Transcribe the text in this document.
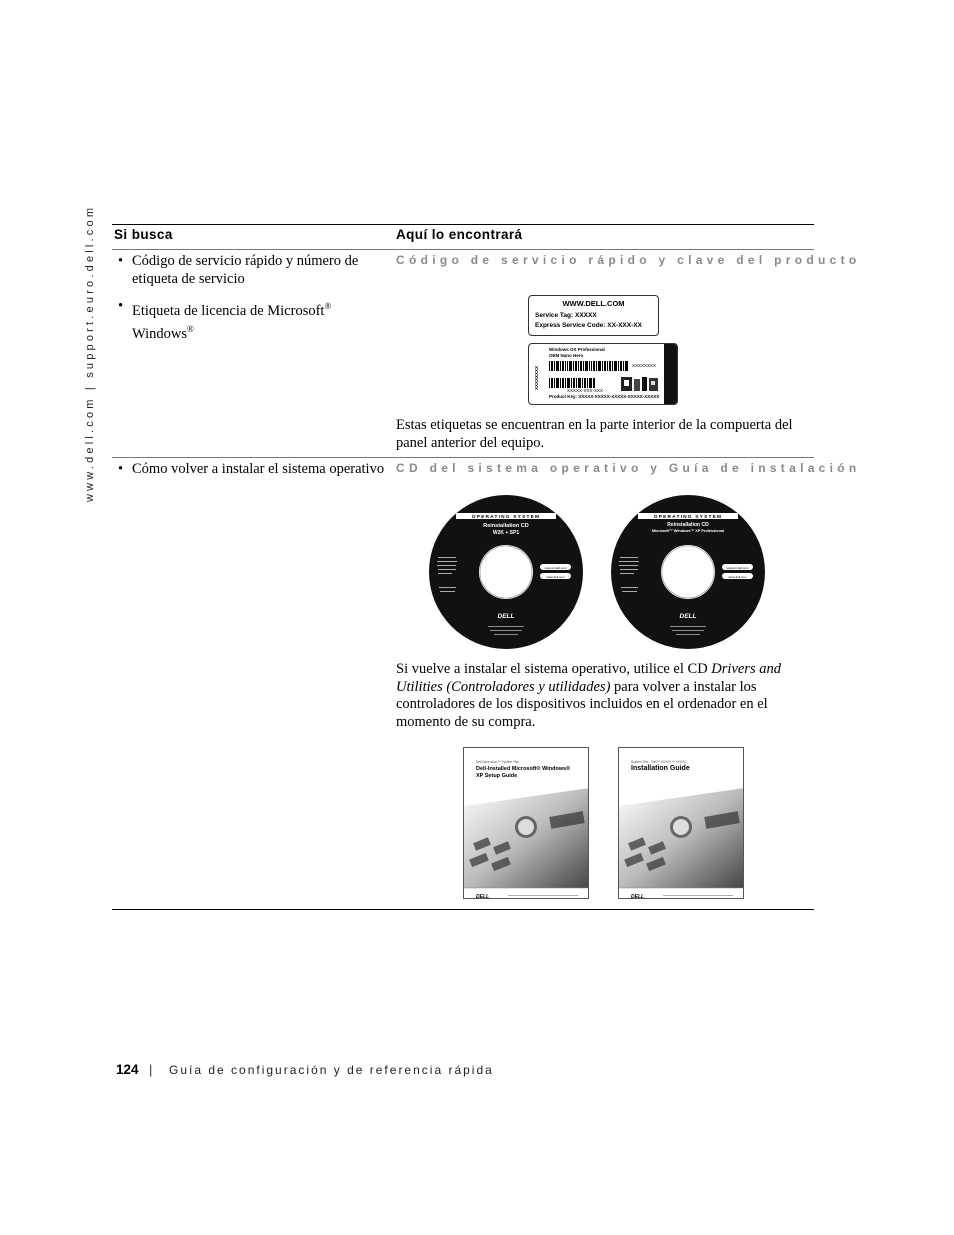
www.dell.com | support.euro.dell.com Si busca	Aquí lo encontrará
• Código de servicio rápido y número de etiqueta de servicio
• Etiqueta de licencia de Microsoft® Windows®
Código de servicio rápido y clave del producto
WWW.DELL.COM
Service Tag: XXXXX
Express Service Code: XX-XXX-XX
Windows OS Professional
OEM Nano Hero
XXXXXXXX
XXXXXXXX
XXXXX-XXX-XXX
Product Key: XXXXX-XXXXX-XXXXX-XXXXX-XXXXX

Estas etiquetas se encuentran en la parte interior de la compuerta del panel anterior del equipo.

• Cómo volver a instalar el sistema operativo CD del sistema operativo y Guía de instalación
OPERATING SYSTEM
Reinstallation CD
W2K + SP1
support.dell.com
www.dell.com
DELL
OPERATING SYSTEM
Reinstallation CD
Microsoft™ Windows™ XP Professional
support.dell.com
www.dell.com
DELL

Si vuelve a instalar el sistema operativo, utilice el CD Drivers and Utilities (Controladores y utilidades) para volver a instalar los controladores de los dispositivos incluidos en el ordenador en el momento de su compra.

DELL
Dell Dimension™ System Title
Dell-Installed Microsoft® Windows® XP Setup Guide
DELL
System Title · Dell™ XXXXX™ XXXXX
Installation Guide
124 | Guía de configuración y de referencia rápida
